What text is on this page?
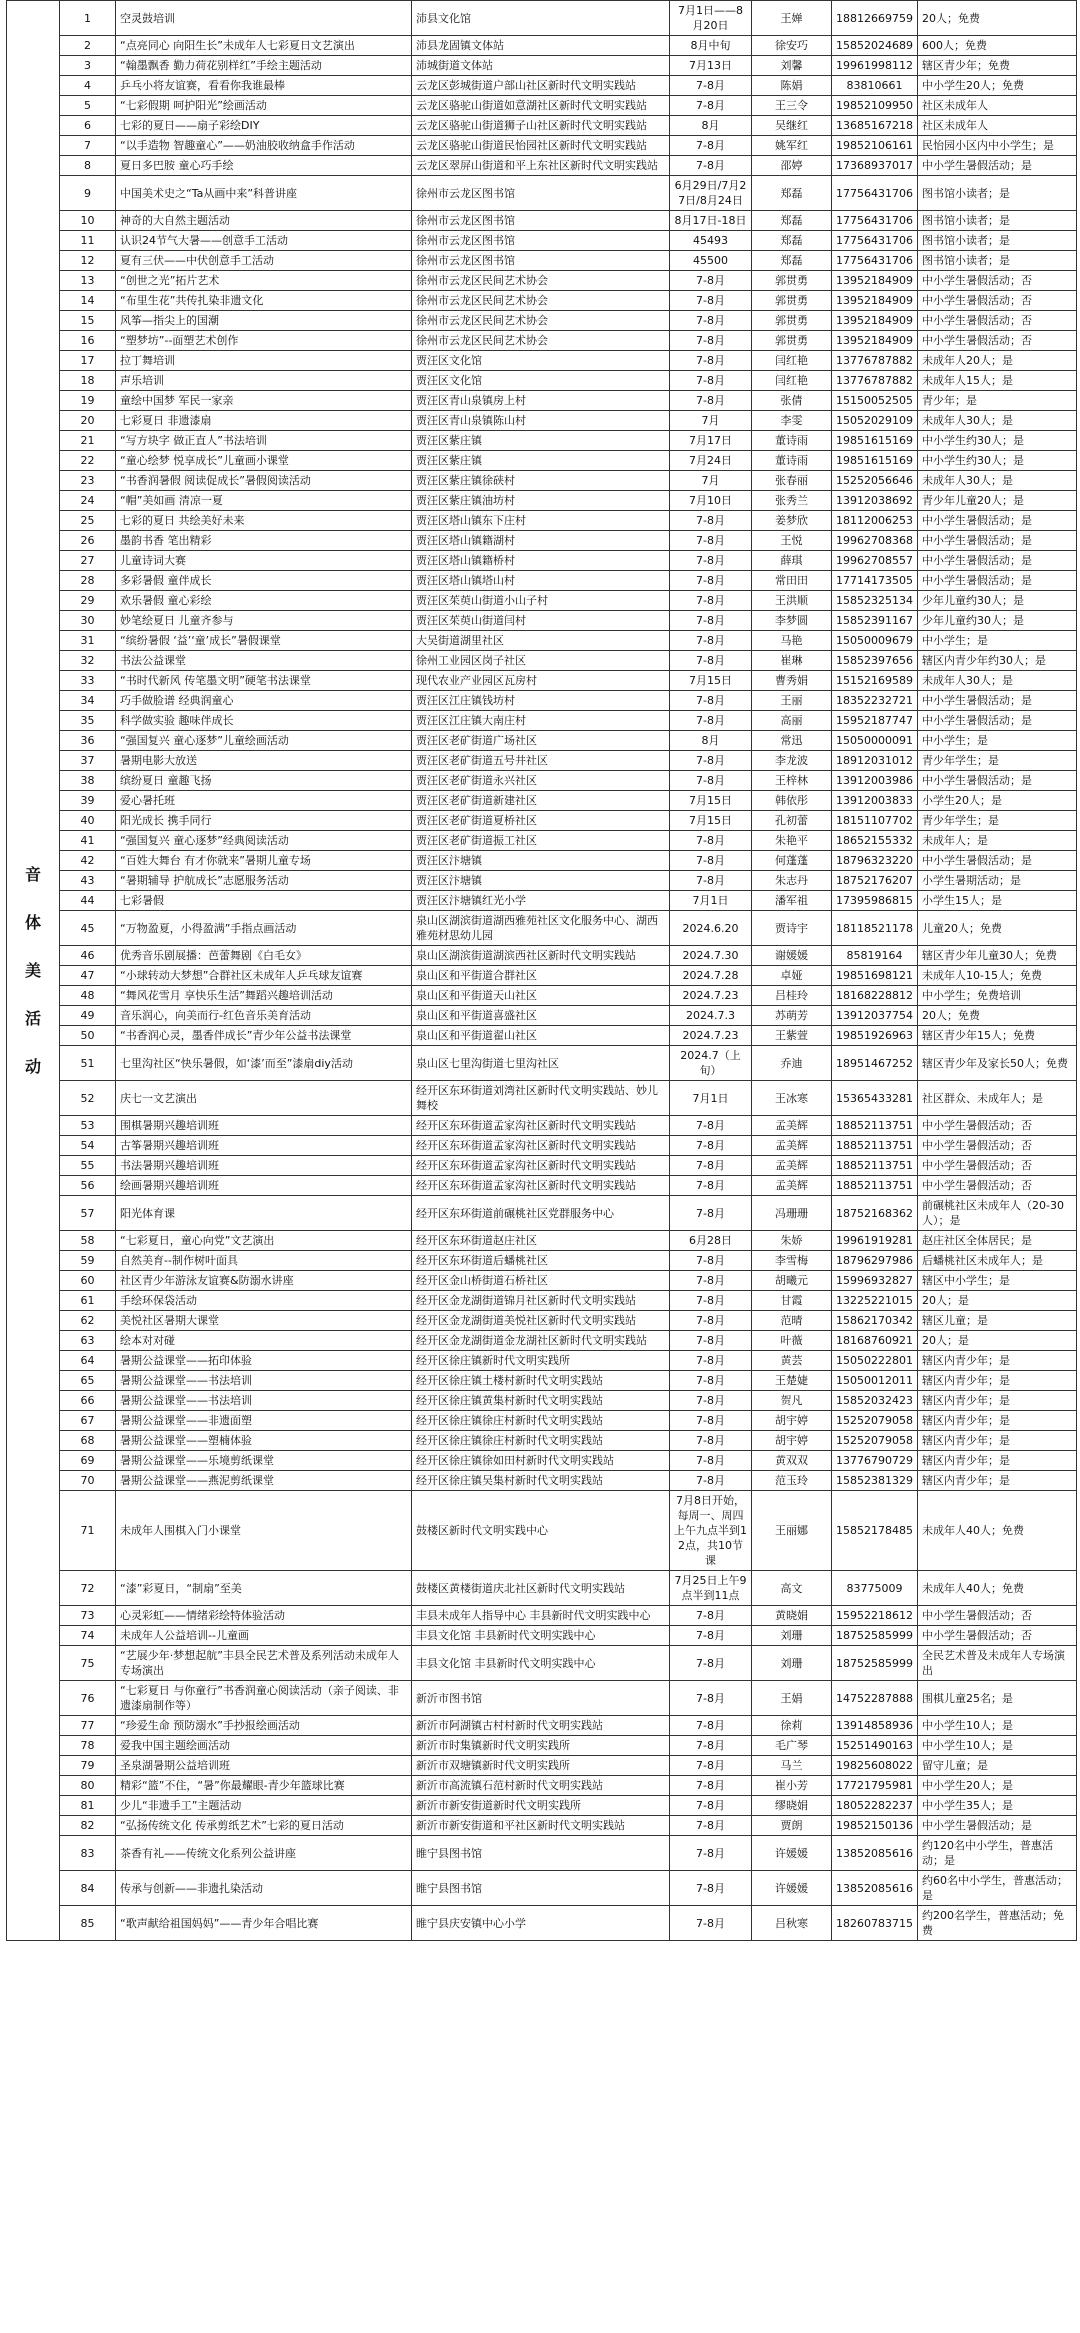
音
体
美
活
动	1	空灵鼓培训	沛县文化馆	7月1日——8月20日	王婵	18812669759	20人；免费
	2	“点亮同心 向阳生长”未成年人七彩夏日文艺演出	沛县龙固镇文体站	8月中旬	徐安巧	15852024689	600人；免费
	3	“翰墨飘香 勤力荷花别样红”手绘主题活动	沛城街道文体站	7月13日	刘馨	19961998112	辖区青少年；免费
	4	乒乓小将友谊赛，看看你我谁最棒	云龙区彭城街道户部山社区新时代文明实践站	7-8月	陈娟	83810661	中小学生20人；免费
	5	“七彩假期 呵护阳光”绘画活动	云龙区骆驼山街道如意湖社区新时代文明实践站	7-8月	王三令	19852109950	社区未成年人
	6	七彩的夏日——扇子彩绘DIY	云龙区骆驼山街道狮子山社区新时代文明实践站	8月	吴继红	13685167218	社区未成年人
	7	“以手造物 智趣童心”——奶油胶收纳盒手作活动	云龙区骆驼山街道民怡园社区新时代文明实践站	7-8月	姚军红	19852106161	民怡园小区内中小学生；是
	8	夏日多巴胺 童心巧手绘	云龙区翠屏山街道和平上东社区新时代文明实践站	7-8月	邵婷	17368937017	中小学生暑假活动；是
	9	中国美术史之“Ta从画中来”科普讲座	徐州市云龙区图书馆	6月29日/7月27日/8月24日	郑磊	17756431706	图书馆小读者；是
	10	神奇的大自然主题活动	徐州市云龙区图书馆	8月17日-18日	郑磊	17756431706	图书馆小读者；是
	11	认识24节气大暑——创意手工活动	徐州市云龙区图书馆	45493	郑磊	17756431706	图书馆小读者；是
	12	夏有三伏——中伏创意手工活动	徐州市云龙区图书馆	45500	郑磊	17756431706	图书馆小读者；是
	13	“创世之光”拓片艺术	徐州市云龙区民间艺术协会	7-8月	郭贯勇	13952184909	中小学生暑假活动；否
	14	“布里生花”共传扎染非遗文化	徐州市云龙区民间艺术协会	7-8月	郭贯勇	13952184909	中小学生暑假活动；否
	15	风筝—指尖上的国潮	徐州市云龙区民间艺术协会	7-8月	郭贯勇	13952184909	中小学生暑假活动；否
	16	“塑梦坊”--面塑艺术创作	徐州市云龙区民间艺术协会	7-8月	郭贯勇	13952184909	中小学生暑假活动；否
	17	拉丁舞培训	贾汪区文化馆	7-8月	闫红艳	13776787882	未成年人20人；是
	18	声乐培训	贾汪区文化馆	7-8月	闫红艳	13776787882	未成年人15人；是
	19	童绘中国梦 军民一家亲	贾汪区青山泉镇房上村	7-8月	张倩	15150052505	青少年；是
	20	七彩夏日 非遗漆扇	贾汪区青山泉镇陈山村	7月	李雯	15052029109	未成年人30人；是
	21	“写方块字 做正直人”书法培训	贾汪区紫庄镇	7月17日	董诗雨	19851615169	中小学生约30人；是
	22	“童心绘梦 悦享成长”儿童画小课堂	贾汪区紫庄镇	7月24日	董诗雨	19851615169	中小学生约30人；是
	23	“书香润暑假 阅读促成长”暑假阅读活动	贾汪区紫庄镇徐硖村	7月	张春丽	15252056646	未成年人30人；是
	24	“帽”美如画 清凉一夏	贾汪区紫庄镇油坊村	7月10日	张秀兰	13912038692	青少年儿童20人；是
	25	七彩的夏日 共绘美好未来	贾汪区塔山镇东下庄村	7-8月	姜梦欣	18112006253	中小学生暑假活动；是
	26	墨韵书香 笔出精彩	贾汪区塔山镇籍湖村	7-8月	王悦	19962708368	中小学生暑假活动；是
	27	儿童诗词大赛	贾汪区塔山镇籍桥村	7-8月	薛琪	19962708557	中小学生暑假活动；是
	28	多彩暑假 童伴成长	贾汪区塔山镇塔山村	7-8月	常田田	17714173505	中小学生暑假活动；是
	29	欢乐暑假 童心彩绘	贾汪区茱萸山街道小山子村	7-8月	王洪顺	15852325134	少年儿童约30人；是
	30	妙笔绘夏日 儿童齐参与	贾汪区茱萸山街道闫村	7-8月	李梦圆	15852391167	少年儿童约30人；是
	31	“缤纷暑假 ‘益’‘童’成长”暑假课堂	大吴街道湖里社区	7-8月	马艳	15050009679	中小学生；是
	32	书法公益课堂	徐州工业园区岗子社区	7-8月	崔琳	15852397656	辖区内青少年约30人；是
	33	“书时代新风 传笔墨文明”硬笔书法课堂	现代农业产业园区瓦房村	7月15日	曹秀娟	15152169589	未成年人30人；是
	34	巧手做脸谱 经典润童心	贾汪区江庄镇钱坊村	7-8月	王丽	18352232721	中小学生暑假活动；是
	35	科学做实验 趣味伴成长	贾汪区江庄镇大南庄村	7-8月	高丽	15952187747	中小学生暑假活动；是
	36	“强国复兴 童心逐梦”儿童绘画活动	贾汪区老矿街道广场社区	8月	常迅	15050000091	中小学生；是
	37	暑期电影大放送	贾汪区老矿街道五号井社区	7-8月	李龙波	18912031012	青少年学生；是
	38	缤纷夏日 童趣飞扬	贾汪区老矿街道永兴社区	7-8月	王梓林	13912003986	中小学生暑假活动；是
	39	爱心暑托班	贾汪区老矿街道新建社区	7月15日	韩依彤	13912003833	小学生20人；是
	40	阳光成长 携手同行	贾汪区老矿街道夏桥社区	7月15日	孔初蕾	18151107702	青少年学生；是
	41	“强国复兴 童心逐梦”经典阅读活动	贾汪区老矿街道振工社区	7-8月	朱艳平	18652155332	未成年人；是
	42	“百姓大舞台 有才你就来”暑期儿童专场	贾汪区汴塘镇	7-8月	何蓬蓬	18796323220	中小学生暑假活动；是
	43	“暑期辅导 护航成长”志愿服务活动	贾汪区汴塘镇	7-8月	朱志丹	18752176207	小学生暑期活动；是
	44	七彩暑假	贾汪区汴塘镇红光小学	7月1日	潘军祖	17395986815	小学生15人；是
	45	“万物盈夏，小得盈满”手指点画活动	泉山区湖滨街道湖西雅苑社区文化服务中心、湖西雅苑材思幼儿园	2024.6.20	贾诗宇	18118521178	儿童20人；免费
	46	优秀音乐剧展播：芭蕾舞剧《白毛女》	泉山区湖滨街道湖滨西社区新时代文明实践站	2024.7.30	谢媛媛	85819164	辖区青少年儿童30人；免费
	47	“小球转动大梦想”合群社区未成年人乒乓球友谊赛	泉山区和平街道合群社区	2024.7.28	卓娅	19851698121	未成年人10-15人；免费
	48	“舞风花雪月 享快乐生活”舞蹈兴趣培训活动	泉山区和平街道天山社区	2024.7.23	吕桂玲	18168228812	中小学生；免费培训
	49	音乐润心，向美而行-红色音乐美育活动	泉山区和平街道喜盛社区	2024.7.3	苏萌芳	13912037754	20人；免费
	50	“书香润心灵，墨香伴成长”青少年公益书法课堂	泉山区和平街道翟山社区	2024.7.23	王紫萱	19851926963	辖区青少年15人；免费
	51	七里沟社区“快乐暑假，如‘漆’而至”漆扇diy活动	泉山区七里沟街道七里沟社区	2024.7（上旬）	乔迪	18951467252	辖区青少年及家长50人；免费
	52	庆七一文艺演出	经开区东环街道刘湾社区新时代文明实践站、妙儿舞校	7月1日	王冰寒	15365433281	社区群众、未成年人；是
	53	围棋暑期兴趣培训班	经开区东环街道孟家沟社区新时代文明实践站	7-8月	孟美辉	18852113751	中小学生暑假活动；否
	54	古筝暑期兴趣培训班	经开区东环街道孟家沟社区新时代文明实践站	7-8月	孟美辉	18852113751	中小学生暑假活动；否
	55	书法暑期兴趣培训班	经开区东环街道孟家沟社区新时代文明实践站	7-8月	孟美辉	18852113751	中小学生暑假活动；否
	56	绘画暑期兴趣培训班	经开区东环街道孟家沟社区新时代文明实践站	7-8月	孟美辉	18852113751	中小学生暑假活动；否
	57	阳光体育课	经开区东环街道前碾桃社区党群服务中心	7-8月	冯珊珊	18752168362	前碾桃社区未成年人（20-30人）；是
	58	“七彩夏日，童心向党”文艺演出	经开区东环街道赵庄社区	6月28日	朱娇	19961919281	赵庄社区全体居民；是
	59	自然美育--制作树叶面具	经开区东环街道后蟠桃社区	7-8月	李雪梅	18796297986	后蟠桃社区未成年人；是
	60	社区青少年游泳友谊赛&防溺水讲座	经开区金山桥街道石桥社区	7-8月	胡曦元	15996932827	辖区中小学生；是
	61	手绘环保袋活动	经开区金龙湖街道锦月社区新时代文明实践站	7-8月	甘霞	13225221015	20人；是
	62	美悦社区暑期大课堂	经开区金龙湖街道美悦社区新时代文明实践站	7-8月	范晴	15862170342	辖区儿童；是
	63	绘本对对碰	经开区金龙湖街道金龙湖社区新时代文明实践站	7-8月	叶薇	18168760921	20人；是
	64	暑期公益课堂——拓印体验	经开区徐庄镇新时代文明实践所	7-8月	黄芸	15050222801	辖区内青少年；是
	65	暑期公益课堂——书法培训	经开区徐庄镇土楼村新时代文明实践站	7-8月	王楚婕	15050012011	辖区内青少年；是
	66	暑期公益课堂——书法培训	经开区徐庄镇黄集村新时代文明实践站	7-8月	贺凡	15852032423	辖区内青少年；是
	67	暑期公益课堂——非遗面塑	经开区徐庄镇徐庄村新时代文明实践站	7-8月	胡宇婷	15252079058	辖区内青少年；是
	68	暑期公益课堂——塑楠体验	经开区徐庄镇徐庄村新时代文明实践站	7-8月	胡宇婷	15252079058	辖区内青少年；是
	69	暑期公益课堂——乐境剪纸课堂	经开区徐庄镇徐如田村新时代文明实践站	7-8月	黄双双	13776790729	辖区内青少年；是
	70	暑期公益课堂——燕泥剪纸课堂	经开区徐庄镇吴集村新时代文明实践站	7-8月	范玉玲	15852381329	辖区内青少年；是
	71	未成年人围棋入门小课堂	鼓楼区新时代文明实践中心	7月8日开始，每周一、周四上午九点半到12点，共10节课	王丽娜	15852178485	未成年人40人；免费
	72	“漆”彩夏日，“制扇”至美	鼓楼区黄楼街道庆北社区新时代文明实践站	7月25日上午9点半到11点	高文	83775009	未成年人40人；免费
	73	心灵彩虹——情绪彩绘特体验活动	丰县未成年人指导中心 丰县新时代文明实践中心	7-8月	黄晓娟	15952218612	中小学生暑假活动；否
	74	未成年人公益培训--儿童画	丰县文化馆 丰县新时代文明实践中心	7-8月	刘珊	18752585999	中小学生暑假活动；否
	75	“艺展少年·梦想起航”丰县全民艺术普及系列活动未成年人专场演出	丰县文化馆 丰县新时代文明实践中心	7-8月	刘珊	18752585999	全民艺术普及未成年人专场演出
	76	“七彩夏日 与你童行”书香润童心阅读活动（亲子阅读、非遗漆扇制作等）	新沂市图书馆	7-8月	王娟	14752287888	围棋儿童25名；是
	77	“珍爱生命 预防溺水”手抄报绘画活动	新沂市阿湖镇古村村新时代文明实践站	7-8月	徐莉	13914858936	中小学生10人；是
	78	爱我中国主题绘画活动	新沂市时集镇新时代文明实践所	7-8月	毛广琴	15251490163	中小学生10人；是
	79	圣泉湖暑期公益培训班	新沂市双塘镇新时代文明实践所	7-8月	马兰	19825608022	留守儿童；是
	80	精彩“篮”不住，“暑”你最耀眼-青少年篮球比赛	新沂市高流镇石范村新时代文明实践站	7-8月	崔小芳	17721795981	中小学生20人；是
	81	少儿“非遗手工”主题活动	新沂市新安街道新时代文明实践所	7-8月	缪晓娟	18052282237	中小学生35人；是
	82	“弘扬传统文化 传承剪纸艺术”七彩的夏日活动	新沂市新安街道和平社区新时代文明实践站	7-8月	贾朗	19852150136	中小学生暑假活动；是
	83	茶香有礼——传统文化系列公益讲座	睢宁县图书馆	7-8月	许媛媛	13852085616	约120名中小学生，普惠活动；是
	84	传承与创新——非遗扎染活动	睢宁县图书馆	7-8月	许媛媛	13852085616	约60名中小学生，普惠活动；是
	85	“歌声献给祖国妈妈”——青少年合唱比赛	睢宁县庆安镇中心小学	7-8月	吕秋寒	18260783715	约200名学生，普惠活动；免费
